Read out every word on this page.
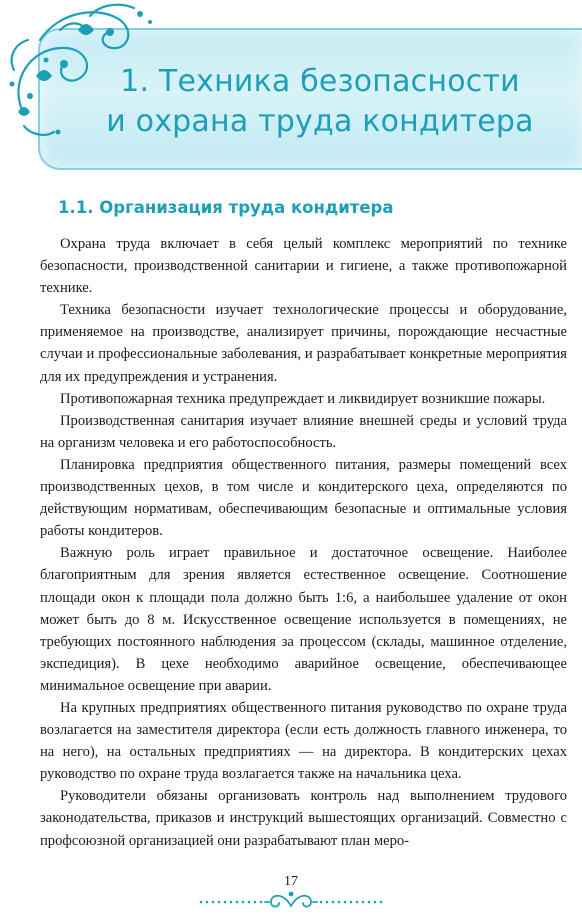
1. Техника безопасности
и охрана труда кондитера
1.1. Организация труда кондитера

Охрана труда включает в себя целый комплекс мероприятий по технике безопасности, производственной санитарии и гигиене, а также противопожарной технике.

Техника безопасности изучает технологические процессы и оборудование, применяемое на производстве, анализирует причины, порождающие несчастные случаи и профессиональные заболевания, и разрабатывает конкретные мероприятия для их предупреждения и устранения.

Противопожарная техника предупреждает и ликвидирует возникшие пожары.

Производственная санитария изучает влияние внешней среды и условий труда на организм человека и его работоспособность.

Планировка предприятия общественного питания, размеры помещений всех производственных цехов, в том числе и кондитерского цеха, определяются по действующим нормативам, обеспечивающим безопасные и оптимальные условия работы кондитеров.

Важную роль играет правильное и достаточное освещение. Наиболее благоприятным для зрения является естественное освещение. Соотношение площади окон к площади пола должно быть 1:6, а наибольшее удаление от окон может быть до 8 м. Искусственное освещение используется в помещениях, не требующих постоянного наблюдения за процессом (склады, машинное отделение, экспедиция). В цехе необходимо аварийное освещение, обеспечивающее минимальное освещение при аварии.

На крупных предприятиях общественного питания руководство по охране труда возлагается на заместителя директора (если есть должность главного инженера, то на него), на остальных предприятиях — на директора. В кондитерских цехах руководство по охране труда возлагается также на начальника цеха.

Руководители обязаны организовать контроль над выполнением трудового законодательства, приказов и инструкций вышестоящих организаций. Совместно с профсоюзной организацией они разрабатывают план меро-

17
